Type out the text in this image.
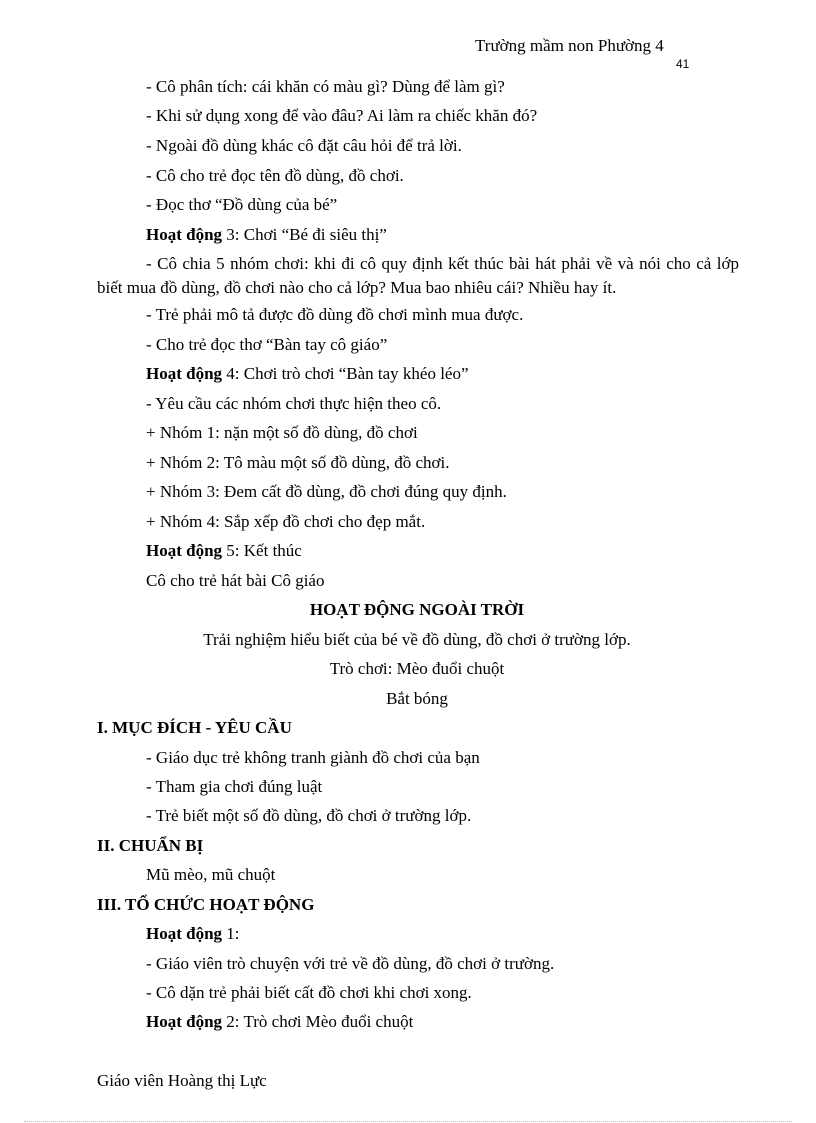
Trường mầm non Phường 4
41
- Cô phân tích: cái khăn có màu gì? Dùng để làm gì?
- Khi sử dụng xong để vào đâu? Ai làm ra chiếc khăn đó?
- Ngoài đồ dùng khác cô đặt câu hỏi để trả lời.
- Cô cho trẻ đọc tên đồ dùng, đồ chơi.
- Đọc thơ “Đồ dùng của bé”
Hoạt động 3: Chơi “Bé đi siêu thị”
- Cô chia 5 nhóm chơi: khi đi cô quy định kết thúc bài hát phải về và nói cho cả lớp biết mua đồ dùng, đồ chơi nào cho cả lớp? Mua bao nhiêu cái? Nhiều hay ít.
- Trẻ phải mô tả được đồ dùng đồ chơi mình mua được.
- Cho trẻ đọc thơ “Bàn tay cô giáo”
Hoạt động 4: Chơi trò chơi “Bàn tay khéo léo”
- Yêu cầu các nhóm chơi thực hiện theo cô.
+ Nhóm 1: nặn một số đồ dùng, đồ chơi
+ Nhóm 2: Tô màu một số đồ dùng, đồ chơi.
+ Nhóm 3: Đem cất đồ dùng, đồ chơi đúng quy định.
+ Nhóm 4: Sắp xếp đồ chơi cho đẹp mắt.
Hoạt động 5: Kết thúc
Cô cho trẻ hát bài Cô giáo
HOẠT ĐỘNG NGOÀI TRỜI
Trải nghiệm hiểu biết của bé về đồ dùng, đồ chơi ở trường lớp.
Trò chơi: Mèo đuổi chuột
Bắt bóng
I. MỤC ĐÍCH - YÊU CẦU
- Giáo dục trẻ không tranh giành đồ chơi của bạn
- Tham gia chơi đúng luật
- Trẻ biết một số đồ dùng, đồ chơi ở trường lớp.
II. CHUẨN BỊ
Mũ mèo, mũ chuột
III. TỔ CHỨC HOẠT ĐỘNG
Hoạt động 1:
- Giáo viên trò chuyện với trẻ về đồ dùng, đồ chơi ở trường.
- Cô dặn trẻ phải biết cất đồ chơi khi chơi xong.
Hoạt động 2: Trò chơi Mèo đuổi chuột
Giáo viên Hoàng thị Lực
